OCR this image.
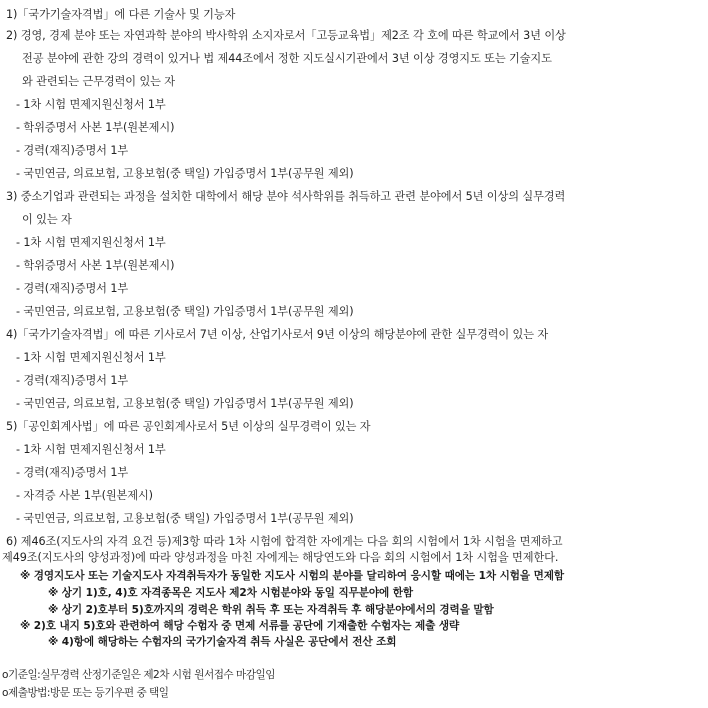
1)「국가기술자격법」에 다른 기술사 및 기능자
2) 경영, 경제 분야 또는 자연과학 분야의 박사학위 소지자로서「고등교육법」제2조 각 호에 따른 학교에서 3년 이상
전공 분야에 관한 강의 경력이 있거나 법 제44조에서 정한 지도실시기관에서 3년 이상 경영지도 또는 기술지도
와 관련되는 근무경력이 있는 자
- 1차 시험 면제지원신청서 1부
- 학위증명서 사본 1부(원본제시)
- 경력(재직)증명서 1부
- 국민연금, 의료보험, 고용보험(중 택일) 가입증명서 1부(공무원 제외)
3) 중소기업과 관련되는 과정을 설치한 대학에서 해당 분야 석사학위를 취득하고 관련 분야에서 5년 이상의 실무경력
이 있는 자
- 1차 시험 면제지원신청서 1부
- 학위증명서 사본 1부(원본제시)
- 경력(재직)증명서 1부
- 국민연금, 의료보험, 고용보험(중 택일) 가입증명서 1부(공무원 제외)
4)「국가기술자격법」에 따른 기사로서 7년 이상, 산업기사로서 9년 이상의 해당분야에 관한 실무경력이 있는 자
- 1차 시험 면제지원신청서 1부
- 경력(재직)증명서 1부
- 국민연금, 의료보험, 고용보험(중 택일) 가입증명서 1부(공무원 제외)
5)「공인회계사법」에 따른 공인회계사로서 5년 이상의 실무경력이 있는 자
- 1차 시험 면제지원신청서 1부
- 경력(재직)증명서 1부
- 자격증 사본 1부(원본제시)
- 국민연금, 의료보험, 고용보험(중 택일) 가입증명서 1부(공무원 제외)
6) 제46조(지도사의 자격 요건 등)제3항 따라 1차 시험에 합격한 자에게는 다음 회의 시험에서 1차 시험을 면제하고
제49조(지도사의 양성과정)에 따라 양성과정을 마친 자에게는 해당연도와 다음 회의 시험에서 1차 시험을 면제한다.
※ 경영지도사 또는 기술지도사 자격취득자가 동일한 지도사 시험의 분야를 달리하여 응시할 때에는 1차 시험을 면제함
※ 상기 1)호, 4)호 자격종목은 지도사 제2차 시험분야와 동일 직무분야에 한함
※ 상기 2)호부터 5)호까지의 경력은 학위 취득 후 또는 자격취득 후 해당분야에서의 경력을 말함
※ 2)호 내지 5)호와 관련하여 해당 수험자 중 면제 서류를 공단에 기재출한 수험자는 제출 생략
※ 4)항에 해당하는 수험자의 국가기술자격 취득 사실은 공단에서 전산 조회
o기준일:실무경력 산정기준일은 제2차 시험 원서접수 마감일임
o제출방법:방문 또는 등기우편 중 택일
